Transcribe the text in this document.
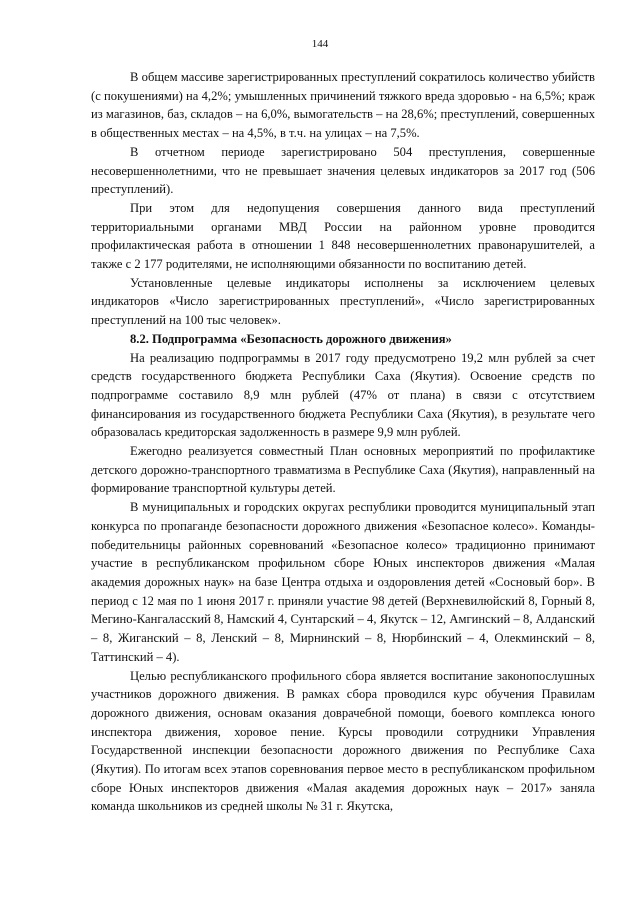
144

В общем массиве зарегистрированных преступлений сократилось количество убийств (с покушениями) на 4,2%; умышленных причинений тяжкого вреда здоровью - на 6,5%; краж из магазинов, баз, складов – на 6,0%, вымогательств – на 28,6%; преступлений, совершенных в общественных местах – на 4,5%, в т.ч. на улицах – на 7,5%.

В отчетном периоде зарегистрировано 504 преступления, совершенные несовершеннолетними, что не превышает значения целевых индикаторов за 2017 год (506 преступлений).

При этом для недопущения совершения данного вида преступлений территориальными органами МВД России на районном уровне проводится профилактическая работа в отношении 1 848 несовершеннолетних правонарушителей, а также с 2 177 родителями, не исполняющими обязанности по воспитанию детей.

Установленные целевые индикаторы исполнены за исключением целевых индикаторов «Число зарегистрированных преступлений», «Число зарегистрированных преступлений на 100 тыс человек».

8.2. Подпрограмма «Безопасность дорожного движения»

На реализацию подпрограммы в 2017 году предусмотрено 19,2 млн рублей за счет средств государственного бюджета Республики Саха (Якутия). Освоение средств по подпрограмме составило 8,9 млн рублей (47% от плана) в связи с отсутствием финансирования из государственного бюджета Республики Саха (Якутия), в результате чего образовалась кредиторская задолженность в размере 9,9 млн рублей.

Ежегодно реализуется совместный План основных мероприятий по профилактике детского дорожно-транспортного травматизма в Республике Саха (Якутия), направленный на формирование транспортной культуры детей.

В муниципальных и городских округах республики проводится муниципальный этап конкурса по пропаганде безопасности дорожного движения «Безопасное колесо». Команды-победительницы районных соревнований «Безопасное колесо» традиционно принимают участие в республиканском профильном сборе Юных инспекторов движения «Малая академия дорожных наук» на базе Центра отдыха и оздоровления детей «Сосновый бор». В период с 12 мая по 1 июня 2017 г. приняли участие 98 детей (Верхневилюйский 8, Горный 8, Мегино-Кангаласский 8, Намский 4, Сунтарский – 4, Якутск – 12, Амгинский – 8, Алданский – 8, Жиганский – 8, Ленский – 8, Мирнинский – 8, Нюрбинский – 4, Олекминский – 8, Таттинский – 4).

Целью республиканского профильного сбора является воспитание законопослушных участников дорожного движения. В рамках сбора проводился курс обучения Правилам дорожного движения, основам оказания доврачебной помощи, боевого комплекса юного инспектора движения, хоровое пение. Курсы проводили сотрудники Управления Государственной инспекции безопасности дорожного движения по Республике Саха (Якутия). По итогам всех этапов соревнования первое место в республиканском профильном сборе Юных инспекторов движения «Малая академия дорожных наук – 2017» заняла команда школьников из средней школы № 31 г. Якутска,
